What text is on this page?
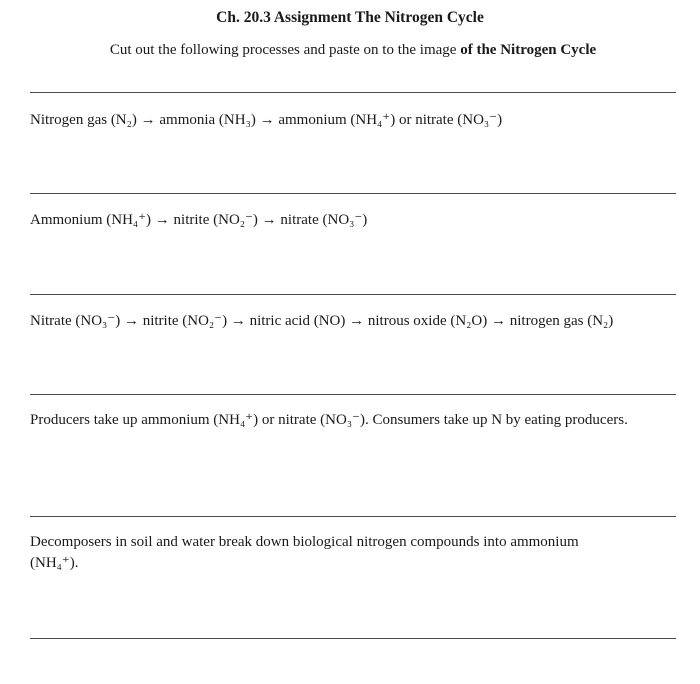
Ch. 20.3 Assignment The Nitrogen Cycle
Cut out the following processes and paste on to the image of the Nitrogen Cycle
Nitrogen gas (N₂) → ammonia (NH₃) → ammonium (NH₄⁺) or nitrate (NO₃⁻)
Ammonium (NH₄⁺) → nitrite (NO₂⁻) → nitrate (NO₃⁻)
Nitrate (NO₃⁻) → nitrite (NO₂⁻) → nitric acid (NO) → nitrous oxide (N₂O) → nitrogen gas (N₂)
Producers take up ammonium (NH₄⁺) or nitrate (NO₃⁻). Consumers take up N by eating producers.
Decomposers in soil and water break down biological nitrogen compounds into ammonium (NH₄⁺).
